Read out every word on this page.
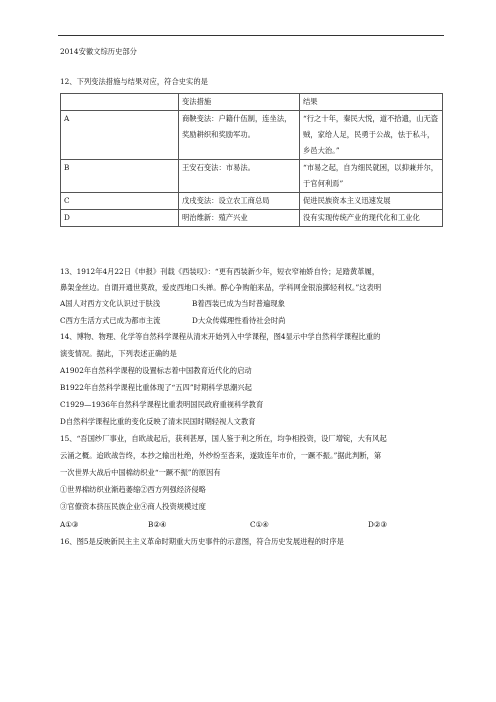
2014安徽文综历史部分
12、下列变法措施与结果对应，符合史实的是
	变法措施	结果
A	商鞅变法：户籍什伍制，连坐法，奖励耕织和奖励军功。	“行之十年，秦民大悦，道不拾遗，山无盗贼，家给人足，民勇于公战，怯于私斗，乡邑大治。”
B	王安石变法：市易法。	“市易之起，自为细民就困，以抑兼并尔，于官何利焉”
C	戊戌变法：设立农工商总局	促进民族资本主义迅速发展
D	明治维新：殖产兴业	没有实现传统产业的现代化和工业化
13、1912年4月22日《申报》刊载《西装叹》：“更有西装新少年，短衣窄袖娇自怜；足踏黄革履，
鼻架金丝边。自谓开通世莫敌，爱皮西地口头禅。醉心争购舶来品，学科网金银浪掷轻利权。”这表明
A国人对西方文化认识过于肤浅	B着西装已成为当时普遍现象
C西方生活方式已成为都市主流	D大众传媒理性看待社会时尚
14、博物、物理、化学等自然科学课程从清末开始列入中学课程，图4显示中学自然科学课程比重的
演变情况。据此，下列表述正确的是
A1902年自然科学课程的设置标志着中国教育近代化的启动
B1922年自然科学课程比重体现了“五四”时期科学思潮兴起
C1929—1936年自然科学课程比重表明国民政府重视科学教育
D自然科学课程比重的变化反映了清末民国时期轻视人文教育
15、“吾国纱厂事业，自欧战起后，获利甚厚，国人鉴于利之所在，均争相投资，设厂增锭，大有风起
云涌之概。迨欧战告终，本抄之输出杜绝，外纱纷至沓来，遂致连年市价，一蹶不振。”据此判断，第
一次世界大战后中国棉纺织业“一蹶不振”的原因有
①世界棉纺织业渐趋萎缩②西方列强经济侵略
③官僚资本挤压民族企业④商人投资规模过度
A①③	B②④	C①④	D②③
16、图5是反映新民主主义革命时期重大历史事件的示意图，符合历史发展进程的时序是
